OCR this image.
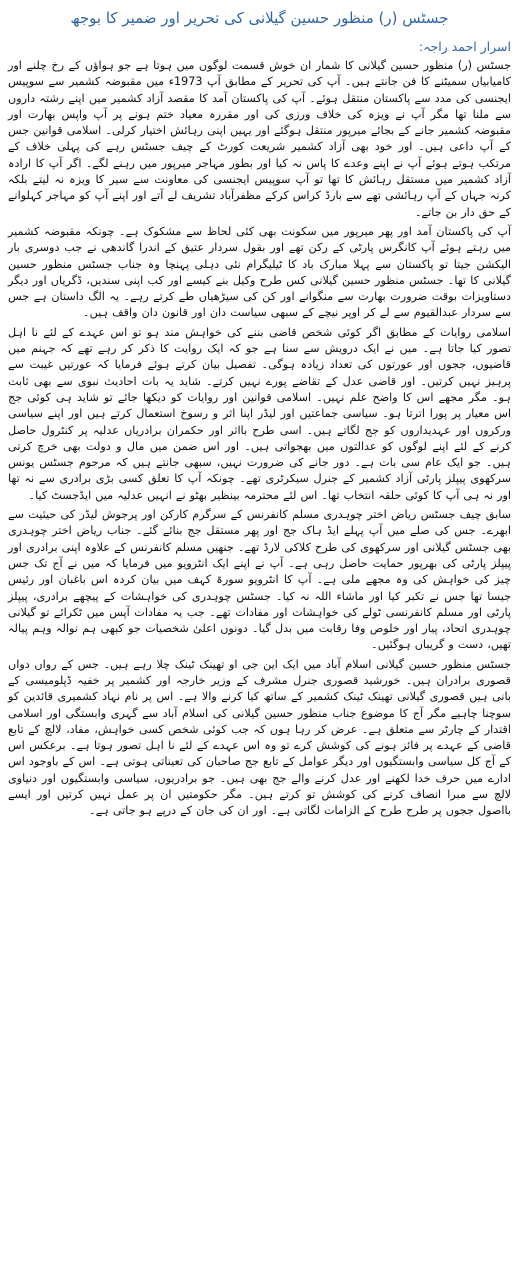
جسٹس (ر) منظور حسین گیلانی کی تحریر اور ضمیر کا بوجھ
اسرار احمد راجہ:

جسٹس (ر) منظور حسین گیلانی کا شمار ان خوش قسمت لوگوں میں ہوتا ہے جو ہواؤں کے رخ چلنے اور کامیابیاں سمیٹنے کا فن جانتے ہیں۔ آپ کی تحریر کے مطابق آپ 1973ء میں مقبوضہ کشمیر سے سوپیس ایجنسی کی مدد سے پاکستان منتقل ہوئے۔ آپ کی پاکستان آمد کا مقصد آزاد کشمیر میں اپنے رشتہ داروں سے ملنا تھا مگر آپ نے ویزہ کی خلاف ورزی کی اور مقررہ معیاد ختم ہونے پر آپ واپس بھارت اور مقبوضہ کشمیر جانے کے بجائے میرپور منتقل ہوگئے اور یہیں اپنی رہائش اختیار کرلی۔ اسلامی قوانین جس کے آپ داعی ہیں۔ اور خود بھی آزاد کشمیر شریعت کورٹ کے چیف جسٹس رہے کی پہلی خلاف کے مرتکب ہوتے ہوئے آپ نے اپنے وعدے کا پاس نہ کیا اور بطور مہاجر میرپور میں رہنے لگے۔ اگر آپ کا ارادہ آزاد کشمیر میں مستقل رہائش کا تھا تو آپ سوپیس ایجنسی کی معاونت سے سیر کا ویزہ نہ لیتے بلکہ کرنہ جہاں کے آپ رہائشی تھے سے بارڈ کراس کرکے مظفرآباد تشریف لے آتے اور اپنے آپ کو مہاجر کہلوانے کے حق دار بن جاتے۔

آپ کی پاکستان آمد اور پھر میرپور میں سکونت بھی کئی لحاظ سے مشکوک ہے۔ چونکہ مقبوضہ کشمیر میں رہتے ہوئے آپ کانگرس پارٹی کے رکن تھے اور بقول سردار عتیق کے اندرا گاندھی نے جب دوسری بار الیکشن جیتا تو پاکستان سے پہلا مبارک باد کا ٹیلیگرام نئی دہلی پہنچا وہ جناب جسٹس منظور حسین گیلانی کا تھا۔ جسٹس منظور حسین گیلانی کس طرح وکیل بنے کیسے اور کب اپنی سندیں، ڈگریاں اور دیگر دستاویزات بوقت ضرورت بھارت سے منگوانے اور کن کی سیڑھیاں طے کرتے رہے۔ یہ الگ داستان ہے جس سے سردار عبدالقیوم سے لے کر اوپر نیچے کے سبھی سیاست دان اور قانون دان واقف ہیں۔

اسلامی روایات کے مطابق اگر کوئی شخص قاضی بننے کی خواہش مند ہو تو اس عہدے کے لئے نا اہل تصور کیا جاتا ہے۔ میں نے ایک درویش سے سنا ہے جو کہ ایک روایت کا ذکر کر رہے تھے کہ جہنم میں قاضیوں، ججوں اور عورتوں کی تعداد زیادہ ہوگی۔ تفصیل بیان کرتے ہوئے فرمایا کہ عورتیں غیبت سے پرہیز نہیں کرتیں۔ اور قاضی عدل کے تقاضے پورے نہیں کرتے۔ شاید یہ بات احادیث نبوی سے بھی ثابت ہو۔ مگر مجھے اس کا واضح علم نہیں۔ اسلامی قوانین اور روایات کو دیکھا جائے تو شاید ہی کوئی جج اس معیار پر پورا اترتا ہو۔ سیاسی جماعتیں اور لیڈر اپنا اثر و رسوخ استعمال کرتے ہیں اور اپنے سیاسی ورکروں اور عہدیداروں کو جج لگاتے ہیں۔ اسی طرح بااثر اور حکمران برادریاں عدلیہ پر کنٹرول حاصل کرنے کے لئے اپنے لوگوں کو عدالتوں میں بھجواتی ہیں۔ اور اس ضمن میں مال و دولت بھی خرچ کرتی ہیں۔ جو ایک عام سی بات ہے۔ دور جانے کی ضرورت نہیں، سبھی جانتے ہیں کہ مرحوم جسٹس یونس سرکھوی پیپلز پارٹی آزاد کشمیر کے جنرل سیکرٹری تھے۔ چونکہ آپ کا تعلق کسی بڑی برادری سے نہ تھا اور نہ ہی آپ کا کوئی حلقہ انتخاب تھا۔ اس لئے محترمہ بینظیر بھٹو نے انہیں عدلیہ میں ایڈجسٹ کیا۔

سابق چیف جسٹس ریاض اختر چوہدری مسلم کانفرنس کے سرگرم کارکن اور پرجوش لیڈر کی حیثیت سے ابھرے۔ جس کی صلے میں آپ پہلے ایڈ ہاک جج اور پھر مستقل جج بنائے گئے۔ جناب ریاض اختر چوہدری بھی جسٹس گیلانی اور سرکھوی کی طرح کلاکی لارڈ تھے۔ جنھیں مسلم کانفرنس کے علاوہ اپنی برادری اور پیپلز پارٹی کی بھرپور حمایت حاصل رہی ہے۔ آپ نے اپنے ایک انٹرویو میں فرمایا کہ میں نے آج تک جس چیز کی خواہش کی وہ مجھے ملی ہے۔ آپ کا انٹرویو سورۃ کہف میں بیان کردہ اس باغبان اور رئیس جیسا تھا جس نے تکبر کیا اور ماشاء اللہ نہ کیا۔ جسٹس چوہدری کی خواہشات کے پیچھے برادری، پیپلز پارٹی اور مسلم کانفرنسی ٹولے کی خواہشات اور مفادات تھے۔ جب یہ مفادات آپس میں ٹکرائے تو گیلانی چوہدری اتحاد، پیار اور خلوص وفا رقابت میں بدل گیا۔ دونوں اعلیٰ شخصیات جو کبھی ہم نوالہ وہم پیالہ تھیں، دست و گریباں ہوگئیں۔

جسٹس منظور حسین گیلانی اسلام آباد میں ایک این جی او تھینک ٹینک چلا رہے ہیں۔ جس کے رواں دواں قصوری برادران ہیں۔ خورشید قصوری جنرل مشرف کے وزیر خارجہ اور کشمیر پر خفیہ ڈپلومیسی کے بانی ہیں قصوری گیلانی تھینک ٹینک کشمیر کے ساتھ کیا کرنے والا ہے۔ اس پر نام نہاد کشمیری قائدین کو سوچنا چاہیے مگر آج کا موضوع جناب منظور حسین گیلانی کی اسلام آباد سے گہری وابستگی اور اسلامی اقتدار کے چارٹر سے متعلق ہے۔ عرض کر رہا ہوں کہ جب کوئی شخص کسی خواہش، مفاد، لالچ کے تابع قاضی کے عہدے پر فائز ہونے کی کوشش کرے تو وہ اس عہدے کے لئے نا اہل تصور ہوتا ہے۔ برعکس اس کے آج کل سیاسی وابستگیوں اور دیگر عوامل کے تابع جج صاحبان کی تعیناتی ہوتی ہے۔ اس کے باوجود اس ادارے میں حرف خدا لکھنے اور عدل کرنے والے جج بھی ہیں۔ جو برادریوں، سیاسی وابستگیوں اور دنیاوی لالچ سے مبرا انصاف کرنے کی کوشش تو کرتے ہیں۔ مگر حکومتیں ان پر عمل نہیں کرتیں اور ایسے بااصول ججوں پر طرح طرح کے الزامات لگاتی ہے۔ اور ان کی جان کے درپے ہو جاتی ہے۔
